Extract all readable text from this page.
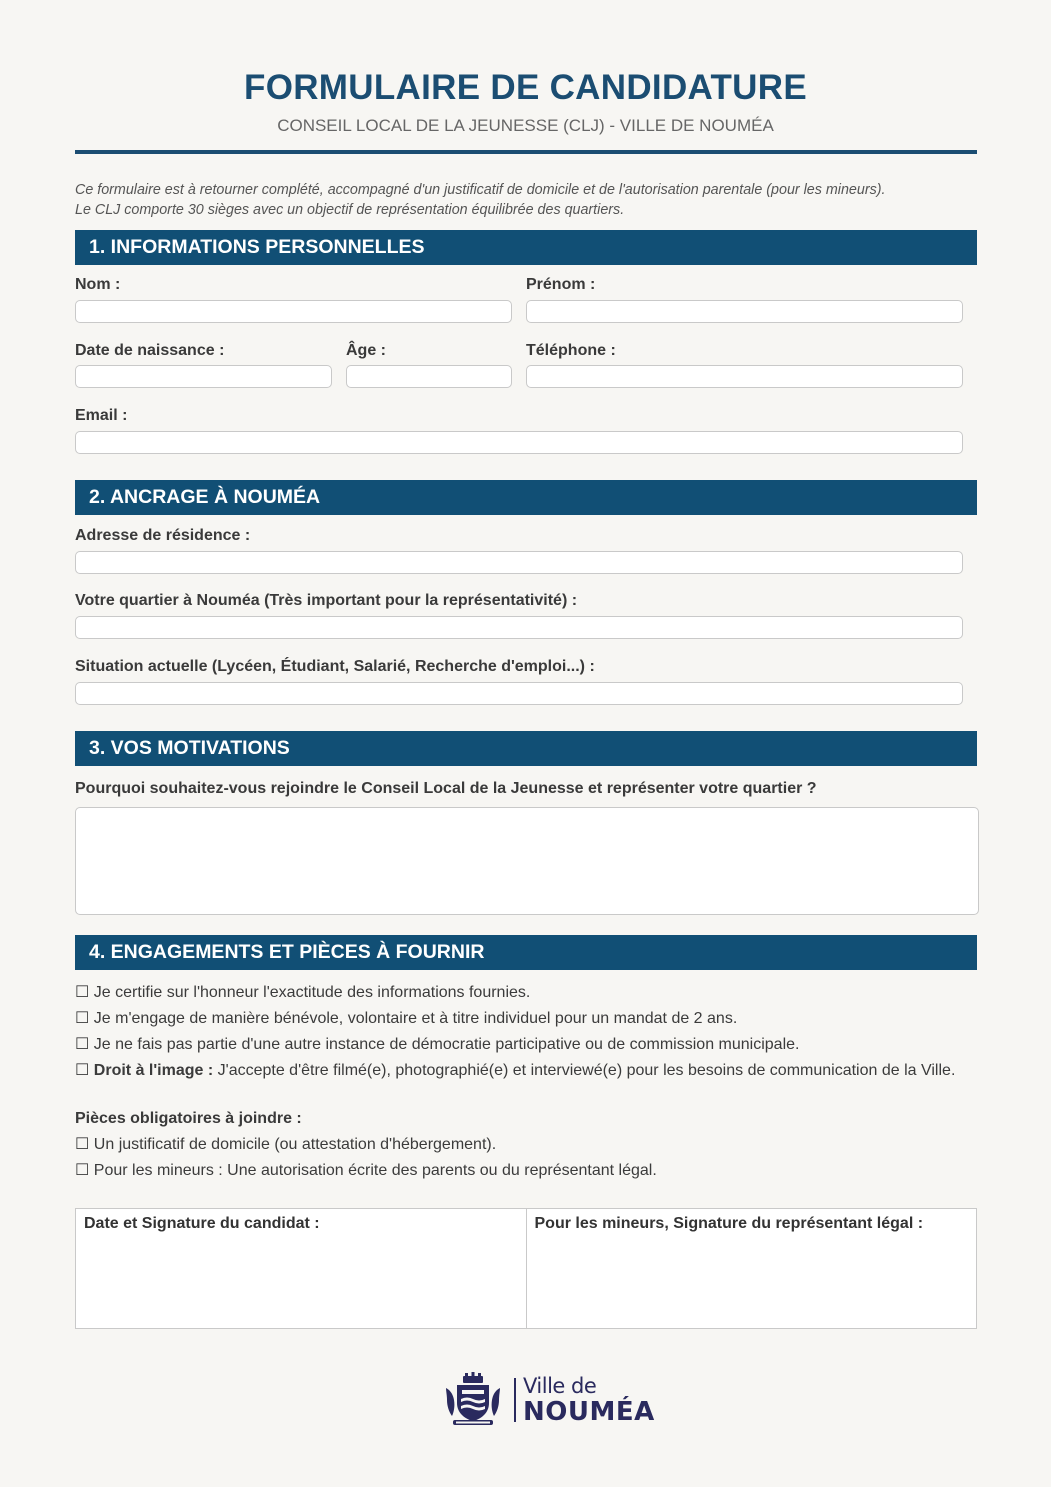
FORMULAIRE DE CANDIDATURE
CONSEIL LOCAL DE LA JEUNESSE (CLJ) - VILLE DE NOUMÉA
Ce formulaire est à retourner complété, accompagné d'un justificatif de domicile et de l'autorisation parentale (pour les mineurs).
Le CLJ comporte 30 sièges avec un objectif de représentation équilibrée des quartiers.
1. INFORMATIONS PERSONNELLES
Nom :	Prénom :
Date de naissance :	Âge :	Téléphone :
Email :
2. ANCRAGE À NOUMÉA
Adresse de résidence :
Votre quartier à Nouméa (Très important pour la représentativité) :
Situation actuelle (Lycéen, Étudiant, Salarié, Recherche d'emploi...) :
3. VOS MOTIVATIONS
Pourquoi souhaitez-vous rejoindre le Conseil Local de la Jeunesse et représenter votre quartier ?
4. ENGAGEMENTS ET PIÈCES À FOURNIR
☐ Je certifie sur l'honneur l'exactitude des informations fournies.
☐ Je m'engage de manière bénévole, volontaire et à titre individuel pour un mandat de 2 ans.
☐ Je ne fais pas partie d'une autre instance de démocratie participative ou de commission municipale.
☐ Droit à l'image : J'accepte d'être filmé(e), photographié(e) et interviewé(e) pour les besoins de communication de la Ville.
Pièces obligatoires à joindre :
☐ Un justificatif de domicile (ou attestation d'hébergement).
☐ Pour les mineurs : Une autorisation écrite des parents ou du représentant légal.
Date et Signature du candidat :	Pour les mineurs, Signature du représentant légal :
Ville de
NOUMÉA
